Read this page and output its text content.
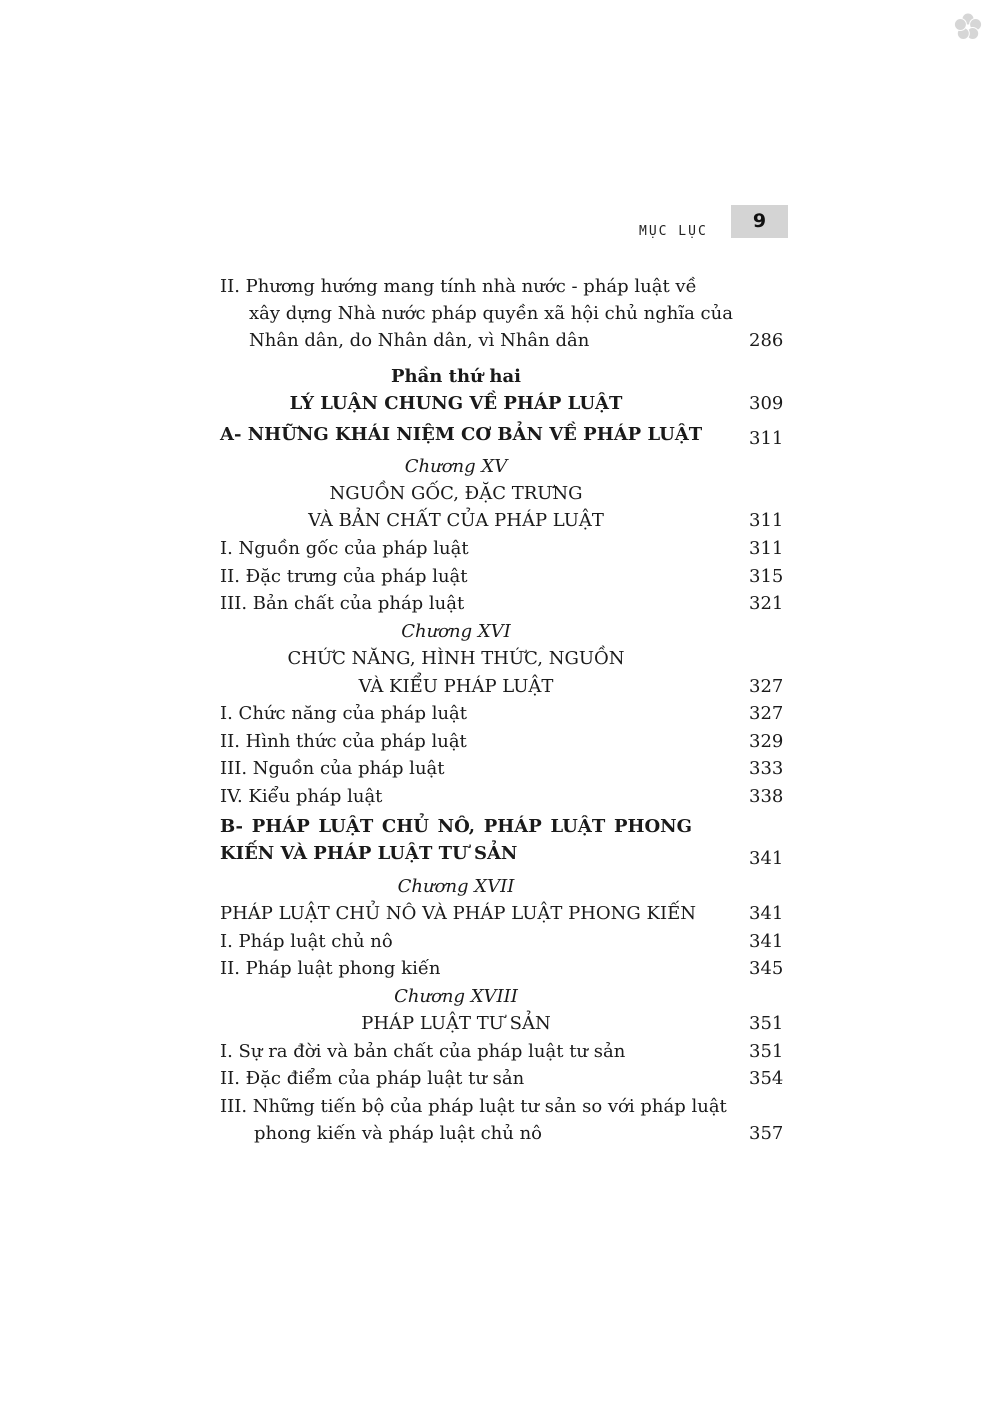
MỤC LỤC	9
II. Phương hướng mang tính nhà nước - pháp luật về
xây dựng Nhà nước pháp quyền xã hội chủ nghĩa của
Nhân dân, do Nhân dân, vì Nhân dân	286
Phần thứ hai
LÝ LUẬN CHUNG VỀ PHÁP LUẬT	309
A- NHỮNG KHÁI NIỆM CƠ BẢN VỀ PHÁP LUẬT	311
Chương XV
NGUỒN GỐC, ĐẶC TRƯNG
VÀ BẢN CHẤT CỦA PHÁP LUẬT	311
I. Nguồn gốc của pháp luật	311
II. Đặc trưng của pháp luật	315
III. Bản chất của pháp luật	321
Chương XVI
CHỨC NĂNG, HÌNH THỨC, NGUỒN
VÀ KIỂU PHÁP LUẬT	327
I. Chức năng của pháp luật	327
II. Hình thức của pháp luật	329
III. Nguồn của pháp luật	333
IV. Kiểu pháp luật	338
B- PHÁP LUẬT CHỦ NÔ, PHÁP LUẬT PHONG
KIẾN VÀ PHÁP LUẬT TƯ SẢN	341
Chương XVII
PHÁP LUẬT CHỦ NÔ VÀ PHÁP LUẬT PHONG KIẾN	341
I. Pháp luật chủ nô	341
II. Pháp luật phong kiến	345
Chương XVIII
PHÁP LUẬT TƯ SẢN	351
I. Sự ra đời và bản chất của pháp luật tư sản	351
II. Đặc điểm của pháp luật tư sản	354
III. Những tiến bộ của pháp luật tư sản so với pháp luật
phong kiến và pháp luật chủ nô	357
